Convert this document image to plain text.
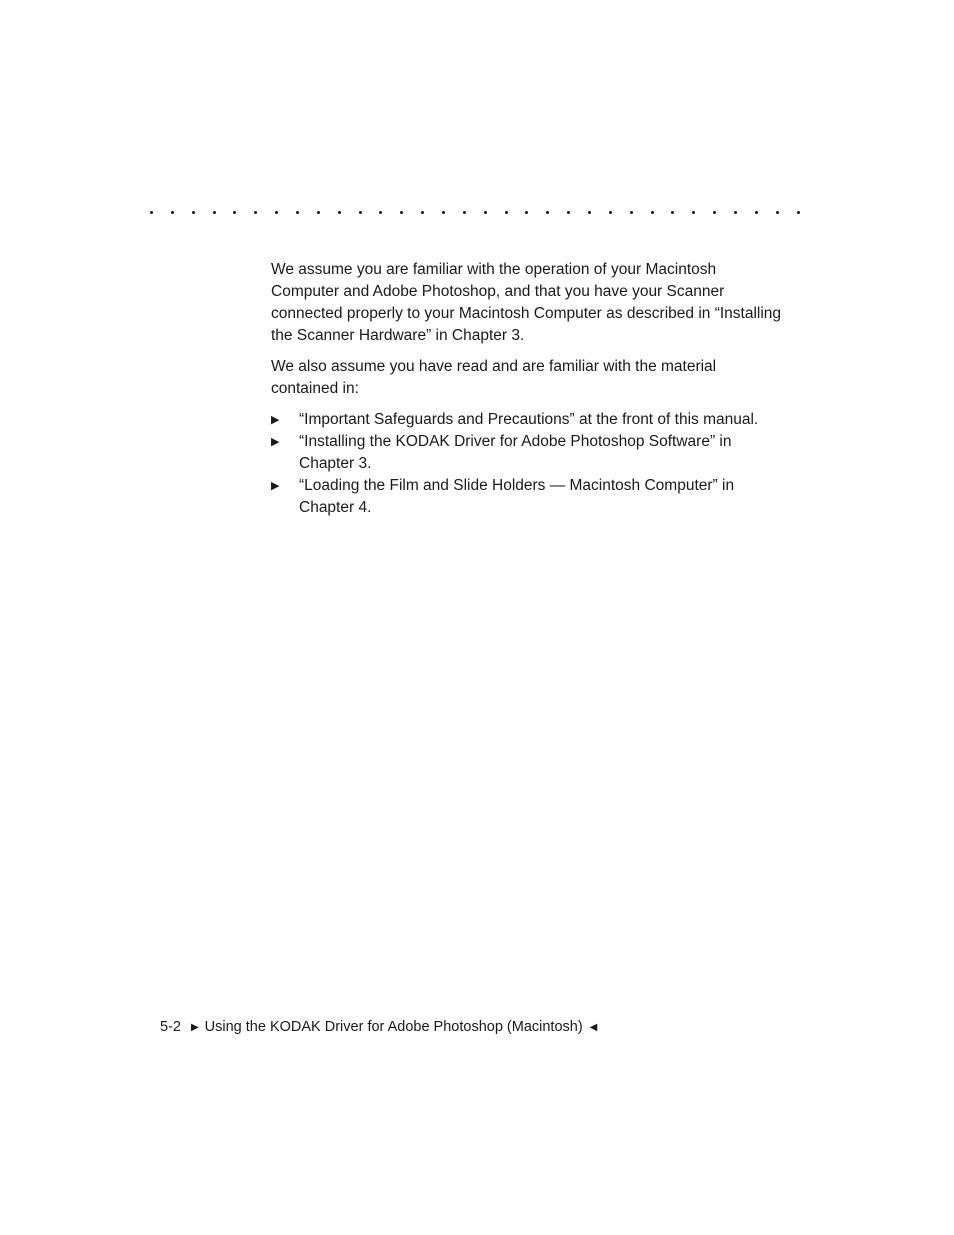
We assume you are familiar with the operation of your Macintosh Computer and Adobe Photoshop, and that you have your Scanner connected properly to your Macintosh Computer as described in “Installing the Scanner Hardware” in Chapter 3.

We also assume you have read and are familiar with the material contained in:

▶ “Important Safeguards and Precautions” at the front of this manual.
▶ “Installing the KODAK Driver for Adobe Photoshop Software” in Chapter 3.
▶ “Loading the Film and Slide Holders — Macintosh Computer” in Chapter 4.
5-2 ▶ Using the KODAK Driver for Adobe Photoshop (Macintosh) ◀
